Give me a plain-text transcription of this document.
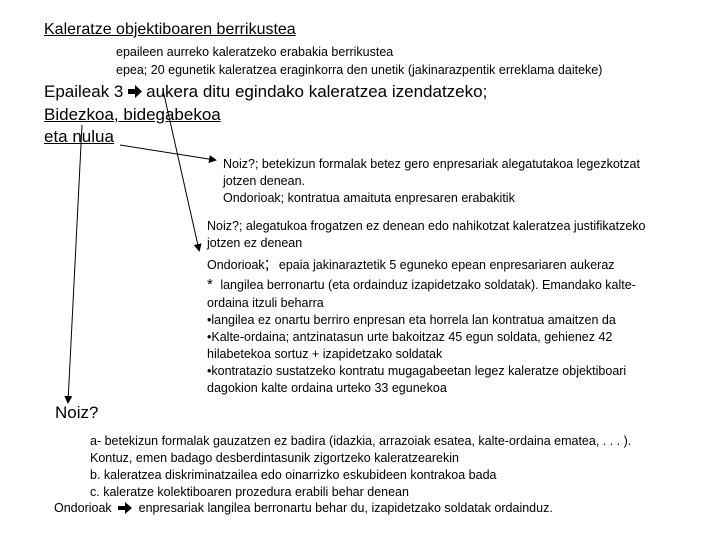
Kaleratze objektiboaren berrikustea
epaileen aurreko kaleratzeko erabakia berrikustea
epea; 20 egunetik kaleratzea eraginkorra den unetik (jakinarazpentik erreklama daiteke)
Epaileak 3 aukera ditu egindako kaleratzea izendatzeko;
Bidezkoa, bidegabekoa
eta nulua
Noiz?; betekizun formalak betez gero enpresariak alegatutakoa legezkotzat
jotzen denean.
Ondorioak; kontratua amaituta enpresaren erabakitik
Noiz?; alegatukoa frogatzen ez denean edo nahikotzat kaleratzea justifikatzeko
jotzen ez denean
Ondorioak; epaia jakinaraztetik 5 eguneko epean enpresariaren aukeraz
* langilea berronartu (eta ordainduz izapidetzako soldatak). Emandako kalte-
ordaina itzuli beharra
•langilea ez onartu berriro enpresan eta horrela lan kontratua amaitzen da
•Kalte-ordaina; antzinatasun urte bakoitzaz 45 egun soldata, gehienez 42
hilabetekoa sortuz + izapidetzako soldatak
•kontratazio sustatzeko kontratu mugagabeetan legez kaleratze objektiboari
dagokion kalte ordaina urteko 33 egunekoa
Noiz?
a- betekizun formalak gauzatzen ez badira (idazkia, arrazoiak esatea, kalte-ordaina ematea, . . . ).
Kontuz, emen badago desberdintasunik zigortzeko kaleratzearekin
b. kaleratzea diskriminatzailea edo oinarrizko eskubideen kontrakoa bada
c. kaleratze kolektiboaren prozedura erabili behar denean
Ondorioak enpresariak langilea berronartu behar du, izapidetzako soldatak ordainduz.
